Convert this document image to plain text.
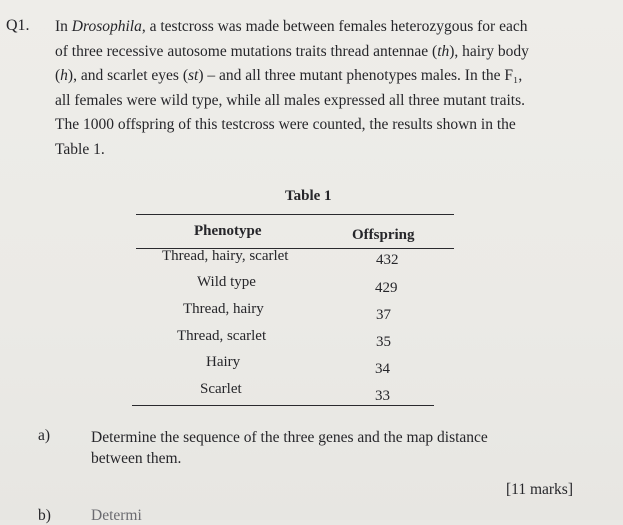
Q1. In Drosophila, a testcross was made between females heterozygous for each
of three recessive autosome mutations traits thread antennae (th), hairy body
(h), and scarlet eyes (st) – and all three mutant phenotypes males. In the F₁,
all females were wild type, while all males expressed all three mutant traits.
The 1000 offspring of this testcross were counted, the results shown in the
Table 1.
Table 1
Phenotype	Offspring
Thread, hairy, scarlet	432
Wild type	429
Thread, hairy	37
Thread, scarlet	35
Hairy	34
Scarlet	33
a)	Determine the sequence of the three genes and the map distance
between them.
[11 marks]
b)	Determi
